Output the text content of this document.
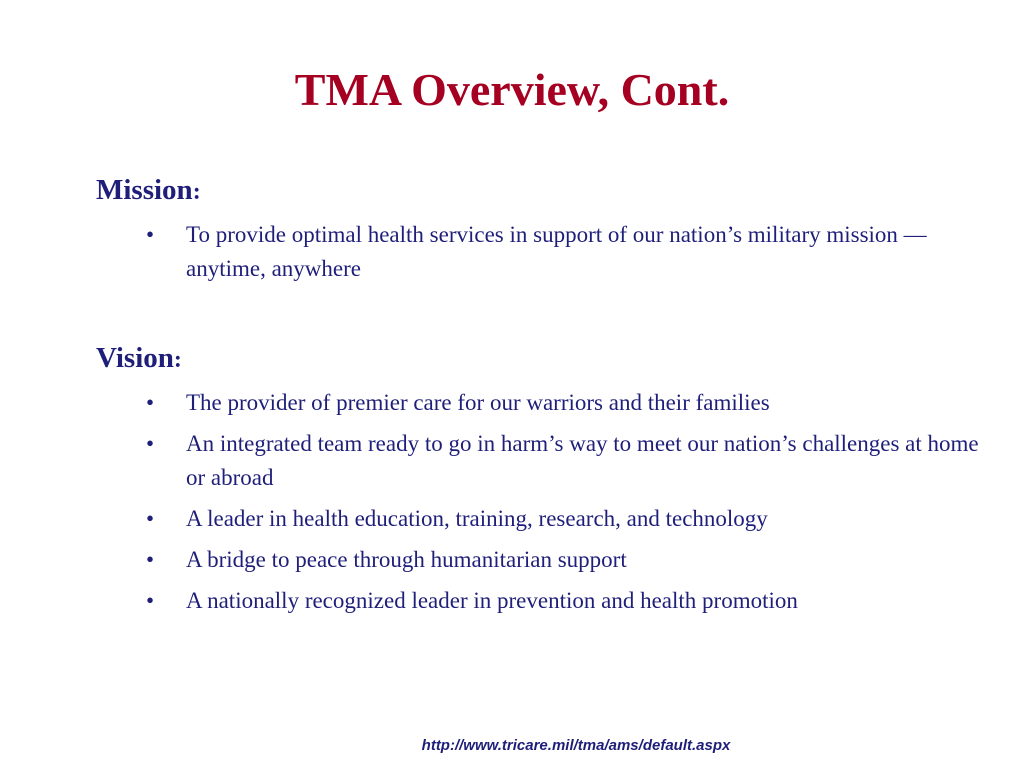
TMA Overview, Cont.
Mission:
•	To provide optimal health services in support of our nation’s military mission — anytime, anywhere
Vision:
•	The provider of premier care for our warriors and their families
•	An integrated team ready to go in harm’s way to meet our nation’s challenges at home or abroad
•	A leader in health education, training, research, and technology
•	A bridge to peace through humanitarian support
•	A nationally recognized leader in prevention and health promotion
http://www.tricare.mil/tma/ams/default.aspx
